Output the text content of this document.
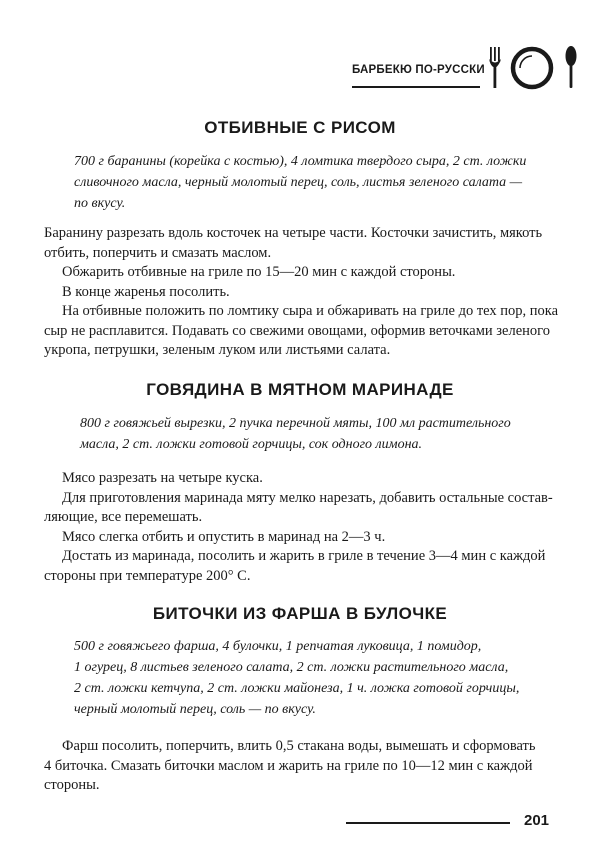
БАРБЕКЮ ПО-РУССКИ
ОТБИВНЫЕ С РИСОМ
700 г баранины (корейка с костью), 4 ломтика твердого сыра, 2 ст. ложки
сливочного масла, черный молотый перец, соль, листья зеленого салата —
по вкусу.
Баранину разрезать вдоль косточек на четыре части. Косточки зачистить, мякоть
отбить, поперчить и смазать маслом.
Обжарить отбивные на гриле по 15—20 мин с каждой стороны.
В конце жаренья посолить.
На отбивные положить по ломтику сыра и обжаривать на гриле до тех пор, пока
сыр не расплавится. Подавать со свежими овощами, оформив веточками зеленого
укропа, петрушки, зеленым луком или листьями салата.
ГОВЯДИНА В МЯТНОМ МАРИНАДЕ
800 г говяжьей вырезки, 2 пучка перечной мяты, 100 мл растительного
масла, 2 ст. ложки готовой горчицы, сок одного лимона.
Мясо разрезать на четыре куска.
Для приготовления маринада мяту мелко нарезать, добавить остальные состав-
ляющие, все перемешать.
Мясо слегка отбить и опустить в маринад на 2—3 ч.
Достать из маринада, посолить и жарить в гриле в течение 3—4 мин с каждой
стороны при температуре 200° С.
БИТОЧКИ ИЗ ФАРША В БУЛОЧКЕ
500 г говяжьего фарша, 4 булочки, 1 репчатая луковица, 1 помидор,
1 огурец, 8 листьев зеленого салата, 2 ст. ложки растительного масла,
2 ст. ложки кетчупа, 2 ст. ложки майонеза, 1 ч. ложка готовой горчицы,
черный молотый перец, соль — по вкусу.
Фарш посолить, поперчить, влить 0,5 стакана воды, вымешать и сформовать
4 биточка. Смазать биточки маслом и жарить на гриле по 10—12 мин с каждой
стороны.
201
